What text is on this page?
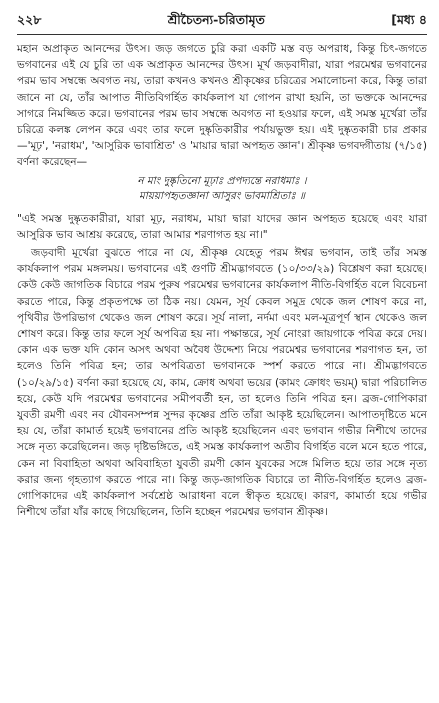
২২৮	শ্রীচৈতন্য-চরিতামৃত	[মধ্য ৪

মহান অপ্রাকৃত আনন্দের উৎস। জড় জগতে চুরি করা একটি মস্ত বড় অপরাধ, কিন্তু চিৎ-জগতে ভগবানের এই যে চুরি তা এক অপ্রাকৃত আনন্দের উৎস। মূর্খ জড়বাদীরা, যারা পরমেশ্বর ভগবানের পরম ভাব সম্বন্ধে অবগত নয়, তারা কখনও কখনও শ্রীকৃষ্ণের চরিত্রের সমালোচনা করে, কিন্তু তারা জানে না যে, তাঁর আপাত নীতিবিগর্হিত কার্যকলাপ যা গোপন রাখা হয়নি, তা ভক্তকে আনন্দের সাগরে নিমজ্জিত করে। ভগবানের পরম ভাব সম্বন্ধে অবগত না হওয়ার ফলে, এই সমস্ত মূর্খেরা তাঁর চরিত্রে কলঙ্ক লেপন করে এবং তার ফলে দুষ্কৃতিকারীর পর্যায়ভুক্ত হয়। এই দুষ্কৃতকারী চার প্রকার—'মূঢ়', 'নরাধম', 'আসুরিক ভাবাশ্রিত' ও 'মায়ার দ্বারা অপহৃত জ্ঞান'। শ্রীকৃষ্ণ ভগবদ্গীতায় (৭/১৫) বর্ণনা করেছেন—

ন মাং দুষ্কৃতিনো মূঢ়াঃ প্রপদ্যন্তে নরাধমাঃ ।
মায়য়াপহৃতজ্ঞানা আসুরং ভাবমাশ্রিতাঃ ॥
"এই সমস্ত দুষ্কৃতকারীরা, যারা মূঢ়, নরাধম, মায়া দ্বারা যাদের জ্ঞান অপহৃত হয়েছে এবং যারা আসুরিক ভাব আশ্রয় করেছে, তারা আমার শরণাগত হয় না।"

জড়বাদী মূর্খেরা বুঝতে পারে না যে, শ্রীকৃষ্ণ যেহেতু পরম ঈশ্বর ভগবান, তাই তাঁর সমস্ত কার্যকলাপ পরম মঙ্গলময়। ভগবানের এই গুণটি শ্রীমদ্ভাগবতে (১০/৩৩/২৯) বিশ্লেষণ করা হয়েছে। কেউ কেউ জাগতিক বিচারে পরম পুরুষ পরমেশ্বর ভগবানের কার্যকলাপ নীতি-বিগর্হিত বলে বিবেচনা করতে পারে, কিন্তু প্রকৃতপক্ষে তা ঠিক নয়। যেমন, সূর্য কেবল সমুদ্র থেকে জল শোষণ করে না, পৃথিবীর উপরিভাগ থেকেও জল শোষণ করে। সূর্য নালা, নর্দমা এবং মল-মূত্রপূর্ণ স্থান থেকেও জল শোষণ করে। কিন্তু তার ফলে সূর্য অপবিত্র হয় না। পক্ষান্তরে, সূর্য নোংরা জায়গাকে পবিত্র করে দেয়। কোন এক ভক্ত যদি কোন অসৎ অথবা অবৈধ উদ্দেশ্য নিয়ে পরমেশ্বর ভগবানের শরণাগত হন, তা হলেও তিনি পবিত্র হন; তার অপবিত্রতা ভগবানকে স্পর্শ করতে পারে না। শ্রীমদ্ভাগবতে (১০/২৯/১৫) বর্ণনা করা হয়েছে যে, কাম, ক্রোধ অথবা ভয়ের (কামং ক্রোধং ভয়ম্) দ্বারা পরিচালিত হয়ে, কেউ যদি পরমেশ্বর ভগবানের সমীপবর্তী হন, তা হলেও তিনি পবিত্র হন। ব্রজ-গোপিকারা যুবতী রমণী এবং নব যৌবনসম্পন্ন সুন্দর কৃষ্ণের প্রতি তাঁরা আকৃষ্ট হয়েছিলেন। আপাতদৃষ্টিতে মনে হয় যে, তাঁরা কামার্ত হয়েই ভগবানের প্রতি আকৃষ্ট হয়েছিলেন এবং ভগবান গভীর নিশীথে তাদের সঙ্গে নৃত্য করেছিলেন। জড় দৃষ্টিভঙ্গিতে, এই সমস্ত কার্যকলাপ অতীব বিগর্হিত বলে মনে হতে পারে, কেন না বিবাহিতা অথবা অবিবাহিতা যুবতী রমণী কোন যুবকের সঙ্গে মিলিত হয়ে তার সঙ্গে নৃত্য করার জন্য গৃহত্যাগ করতে পারে না। কিন্তু জড়-জাগতিক বিচারে তা নীতি-বিগর্হিত হলেও ব্রজ-গোপিকাদের এই কার্যকলাপ সর্বশ্রেষ্ঠ আরাধনা বলে স্বীকৃত হয়েছে। কারণ, কামার্তা হয়ে গভীর নিশীথে তাঁরা যাঁর কাছে গিয়েছিলেন, তিনি হচ্ছেন পরমেশ্বর ভগবান শ্রীকৃষ্ণ।
